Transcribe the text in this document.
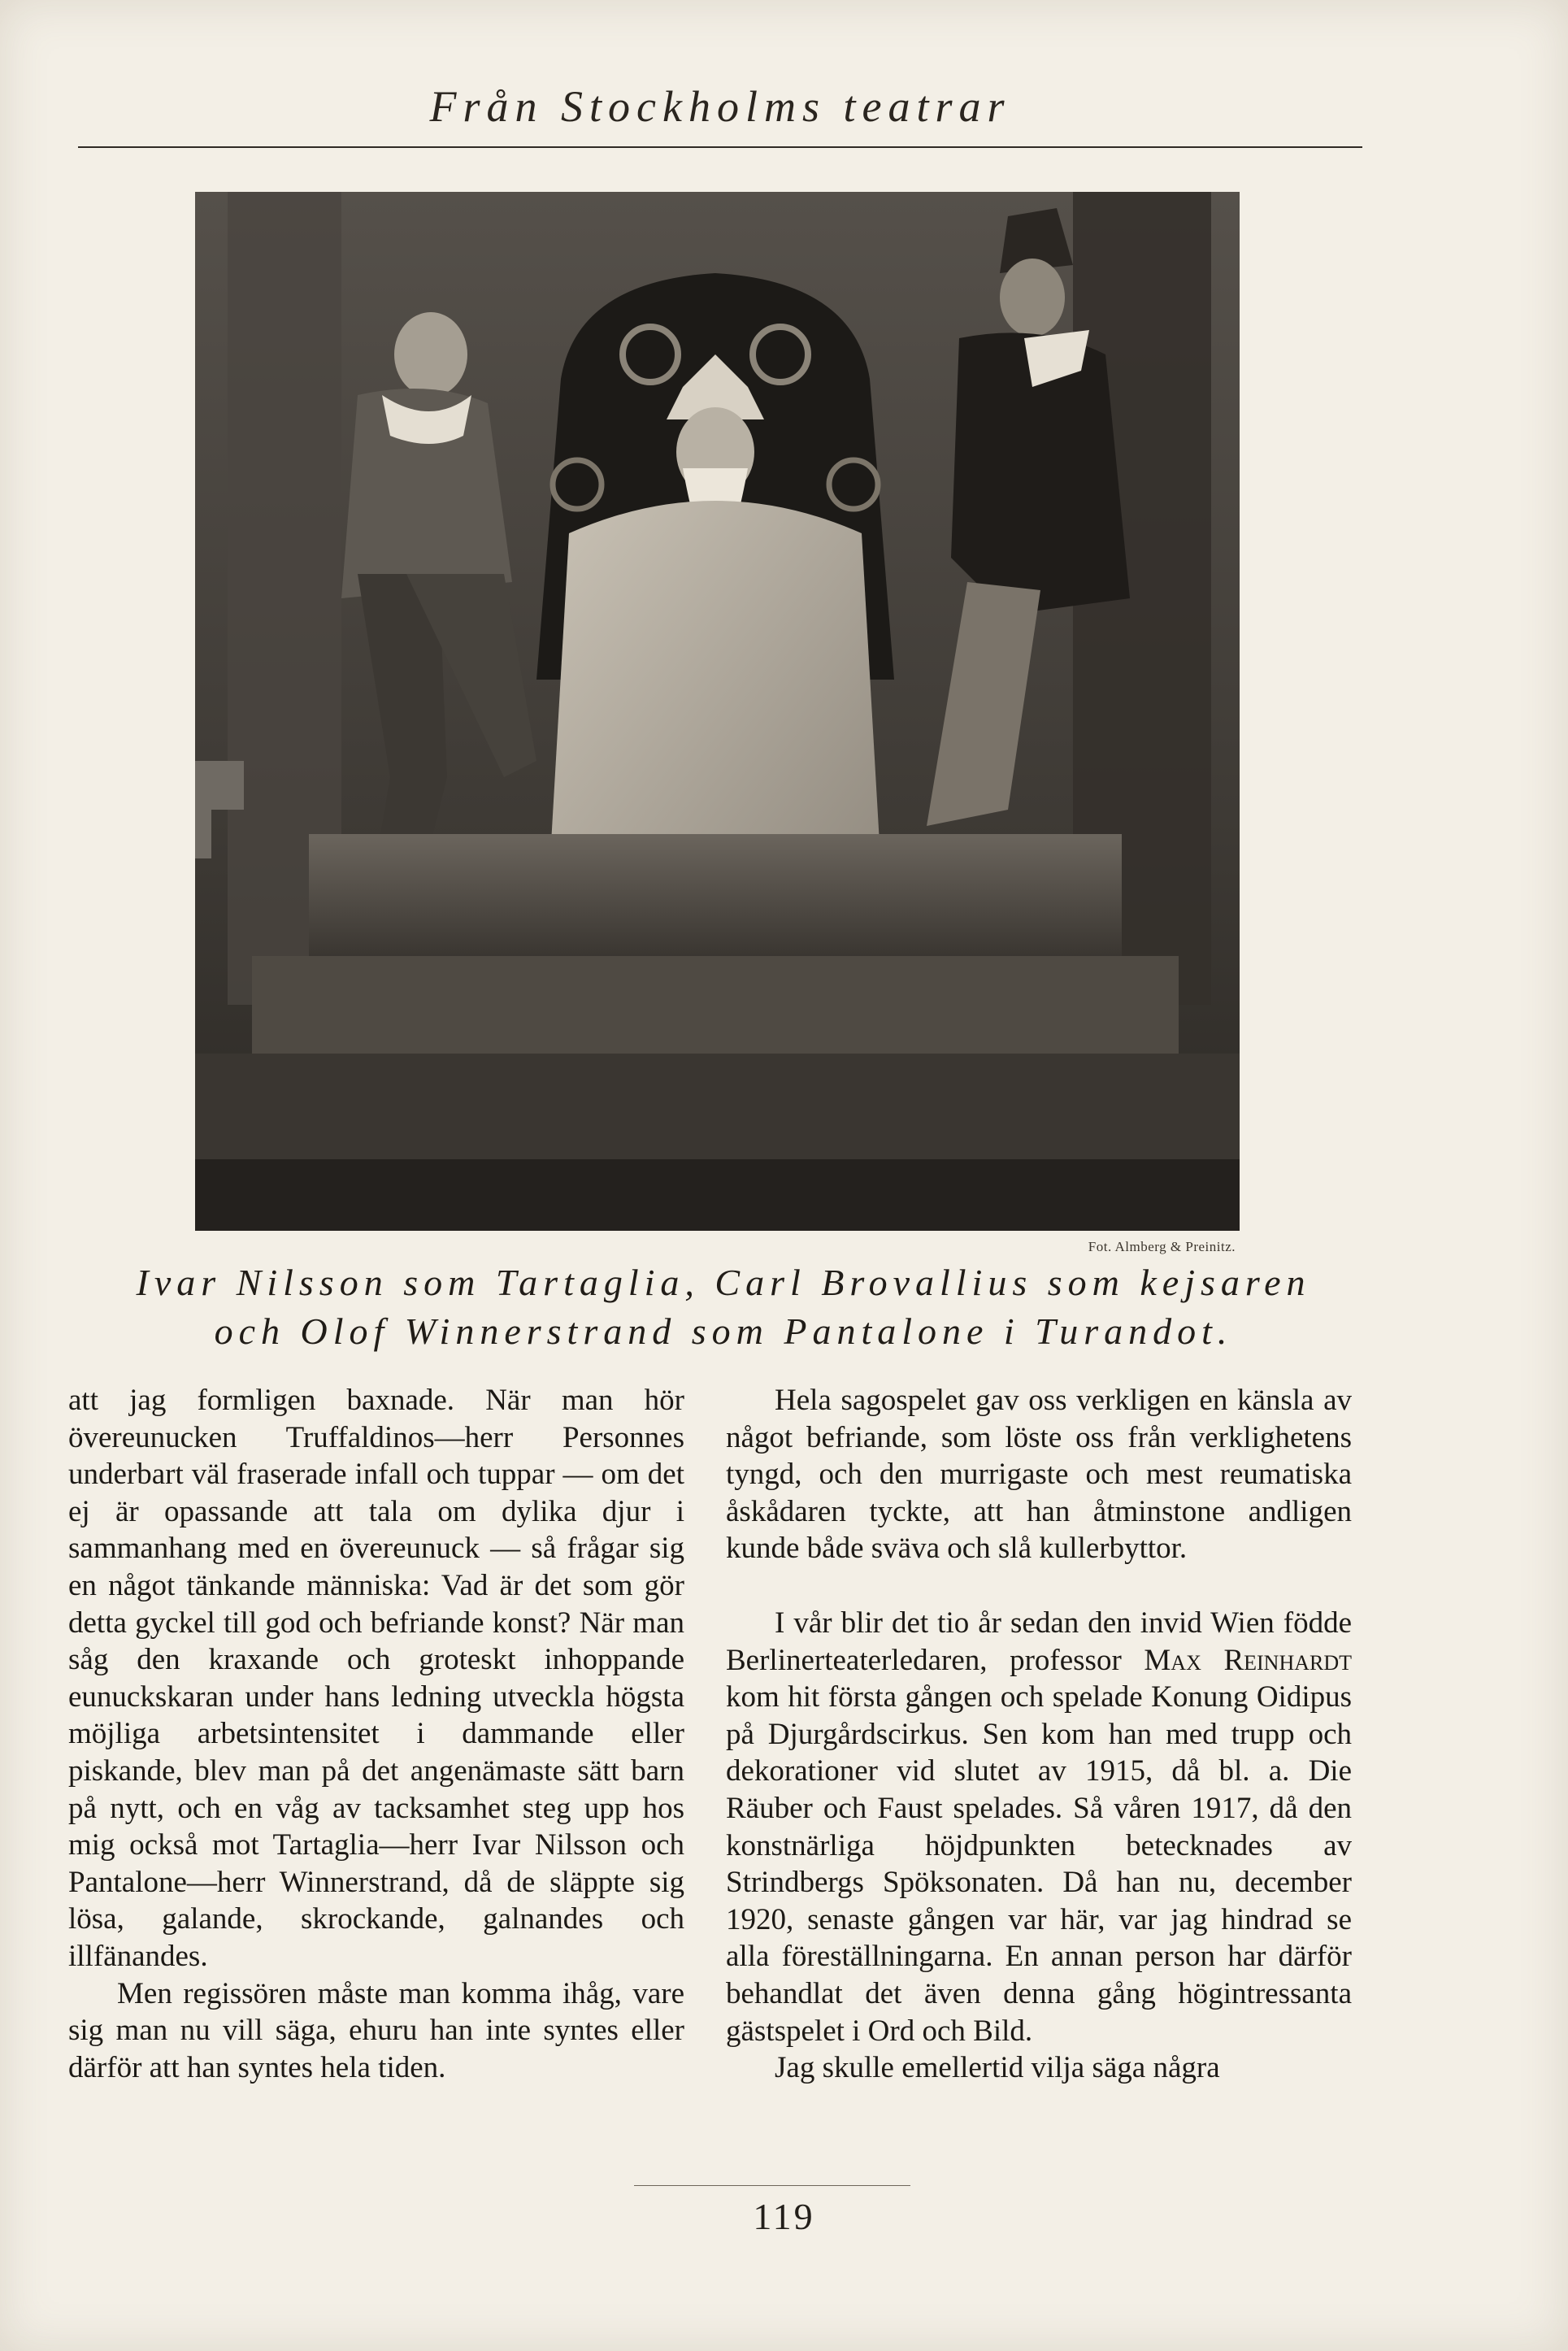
Från Stockholms teatrar
Fot. Almberg & Preinitz.
Ivar Nilsson som Tartaglia, Carl Brovallius som kejsaren
och Olof Winnerstrand som Pantalone i Turandot.

att jag formligen baxnade. När man hör övereunucken Truffaldinos—herr Personnes underbart väl fraserade infall och tuppar — om det ej är opassande att tala om dylika djur i sammanhang med en övereunuck — så frågar sig en något tänkande människa: Vad är det som gör detta gyckel till god och befriande konst? När man såg den kraxande och groteskt inhoppande eunuckskaran under hans ledning utveckla högsta möjliga arbetsintensitet i dammande eller piskande, blev man på det angenämaste sätt barn på nytt, och en våg av tacksamhet steg upp hos mig också mot Tartaglia—herr Ivar Nilsson och Pantalone—herr Winnerstrand, då de släppte sig lösa, galande, skrockande, galnandes och illfänandes.

Men regissören måste man komma ihåg, vare sig man nu vill säga, ehuru han inte syntes eller därför att han syntes hela tiden.

Hela sagospelet gav oss verkligen en känsla av något befriande, som löste oss från verklighetens tyngd, och den murrigaste och mest reumatiska åskådaren tyckte, att han åtminstone andligen kunde både sväva och slå kullerbyttor.

I vår blir det tio år sedan den invid Wien födde Berlinerteaterledaren, professor Max Reinhardt kom hit första gången och spelade Konung Oidipus på Djurgårdscirkus. Sen kom han med trupp och dekorationer vid slutet av 1915, då bl. a. Die Räuber och Faust spelades. Så våren 1917, då den konstnärliga höjdpunkten betecknades av Strindbergs Spöksonaten. Då han nu, december 1920, senaste gången var här, var jag hindrad se alla föreställningarna. En annan person har därför behandlat det även denna gång högintressanta gästspelet i Ord och Bild.

Jag skulle emellertid vilja säga några

119
